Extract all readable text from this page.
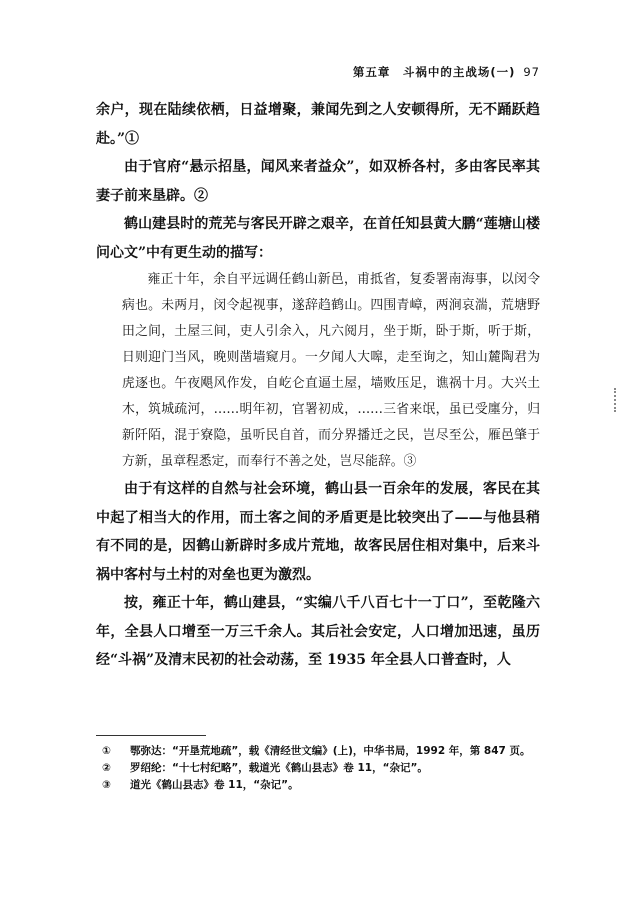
第五章　斗祸中的主战场(一) 97

余户，现在陆续依栖，日益增聚，兼闻先到之人安顿得所，无不踊跃趋赴。”①

由于官府“悬示招垦，闻风来者益众”，如双桥各村，多由客民率其妻子前来垦辟。②

鹤山建县时的荒芜与客民开辟之艰辛，在首任知县黄大鹏“莲塘山楼问心文”中有更生动的描写：

雍正十年，余自平远调任鹤山新邑，甫抵省，复委署南海事，以闵令病也。未两月，闵令起视事，遂辞趋鹤山。四围青嶂，两涧哀湍，荒塘野田之间，土屋三间，吏人引余入，凡六阅月，坐于斯，卧于斯，听于斯，日则迎门当风，晚则凿墙窥月。一夕闻人大嗥，走至询之，知山麓陶君为虎逐也。午夜飓风作发，自屹仑直逼土屋，墙败压足，谯祸十月。大兴土木，筑城疏河，……明年初，官署初成，……三省来氓，虽已受廛分，归新阡陌，混于寮隐，虽听民自首，而分界播迁之民，岂尽至公，雁邑肇于方新，虽章程悉定，而奉行不善之处，岂尽能辞。③

由于有这样的自然与社会环境，鹤山县一百余年的发展，客民在其中起了相当大的作用，而土客之间的矛盾更是比较突出了——与他县稍有不同的是，因鹤山新辟时多成片荒地，故客民居住相对集中，后来斗祸中客村与土村的对垒也更为激烈。

按，雍正十年，鹤山建县，“实编八千八百七十一丁口”，至乾隆六年，全县人口增至一万三千余人。其后社会安定，人口增加迅速，虽历经“斗祸”及清末民初的社会动荡，至 1935 年全县人口普查时，人

①	鄂弥达：“开垦荒地疏”，载《清经世文编》(上)，中华书局，1992 年，第 847 页。
②	罗绍纶：“十七村纪略”，载道光《鹤山县志》卷 11，“杂记”。
③	道光《鹤山县志》卷 11，“杂记”。
